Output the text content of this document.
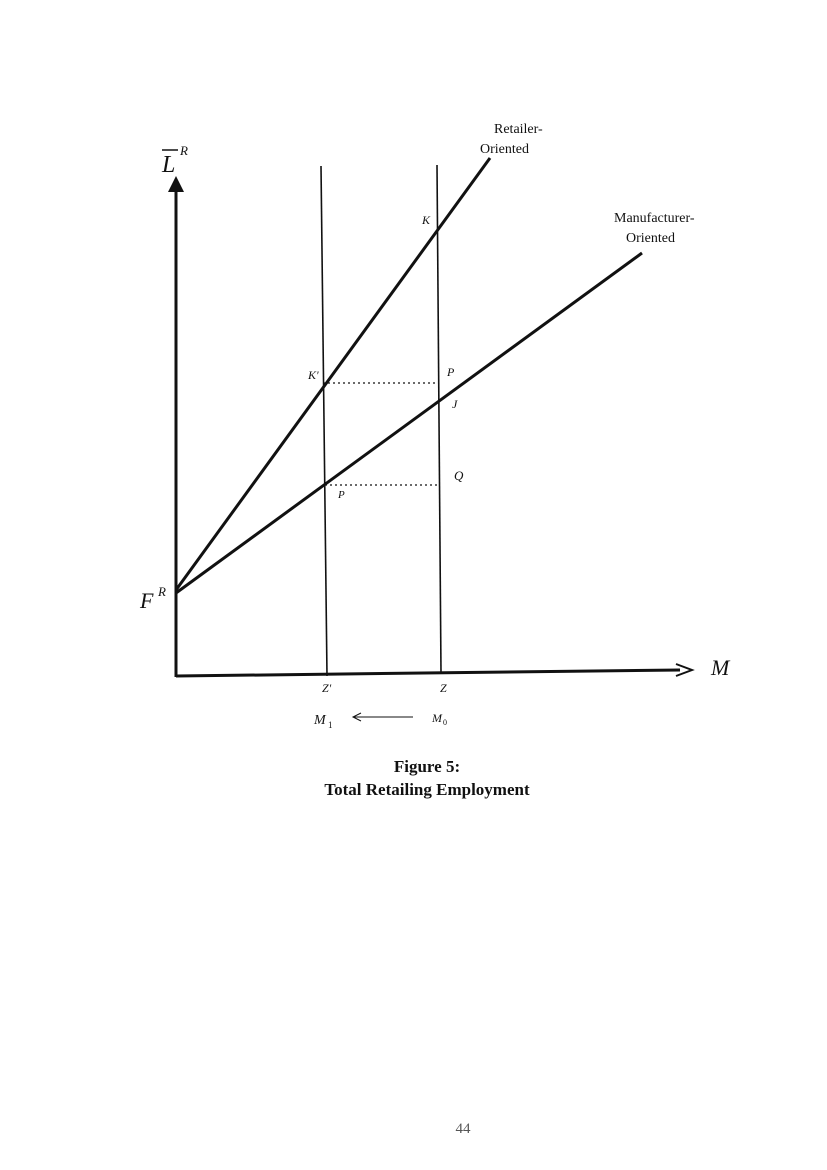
L
R
M
F R
Retailer-
Oriented
Manufacturer-
Oriented
K
K'	P
J
Q
P
Z'	Z
M 1	M 0
Figure 5:
Total Retailing Employment
44
